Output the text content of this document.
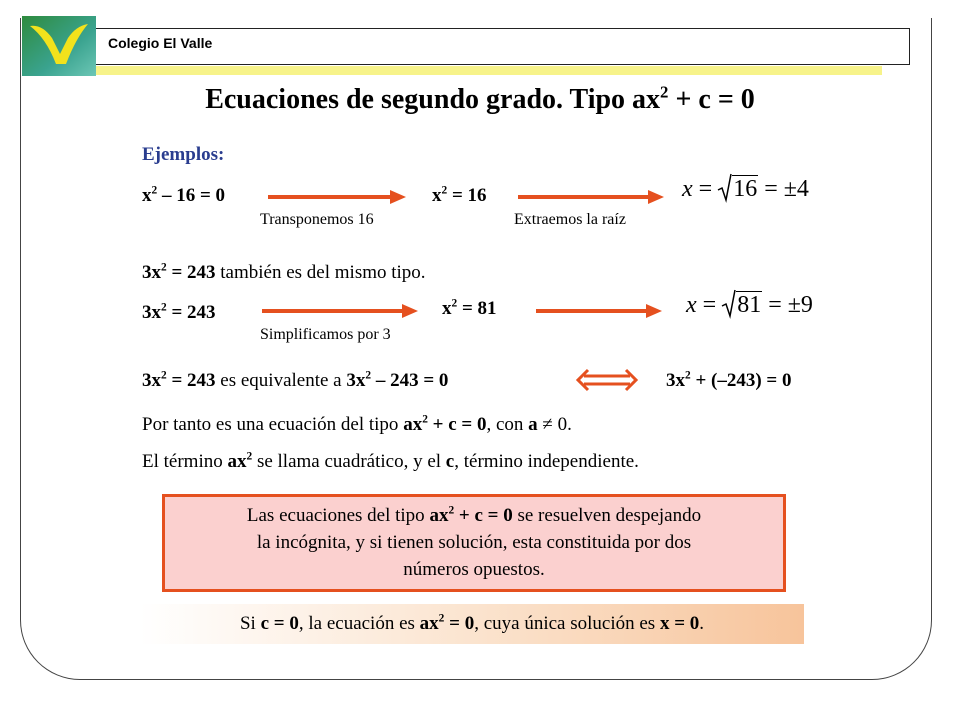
Colegio El Valle
Ecuaciones de segundo grado. Tipo $ax^2 + c = 0$
Ejemplos:
$x^2 - 16 = 0$
Transponemos 16
$x^2 = 16$
Extraemos la raíz
x = 16 = ±4
$3x^2 = 243$ también es del mismo tipo.
$3x^2 = 243$
Simplificamos por 3
$x^2 = 81$	x = 81 = ±9
$3x^2 = 243$ es equivalente a $3x^2 - 243 = 0$	$3x^2 + (-243) = 0$
Por tanto es una ecuación del tipo $ax^2 + c = 0$, con a ≠ 0.
El término $ax^2$ se llama cuadrático, y el c, término independiente.
Las ecuaciones del tipo $ax^2 + c = 0$ se resuelven despejando
la incógnita, y si tienen solución, esta constituida por dos
números opuestos.
Si c = 0, la ecuación es $ax^2 = 0$, cuya única solución es x = 0.
